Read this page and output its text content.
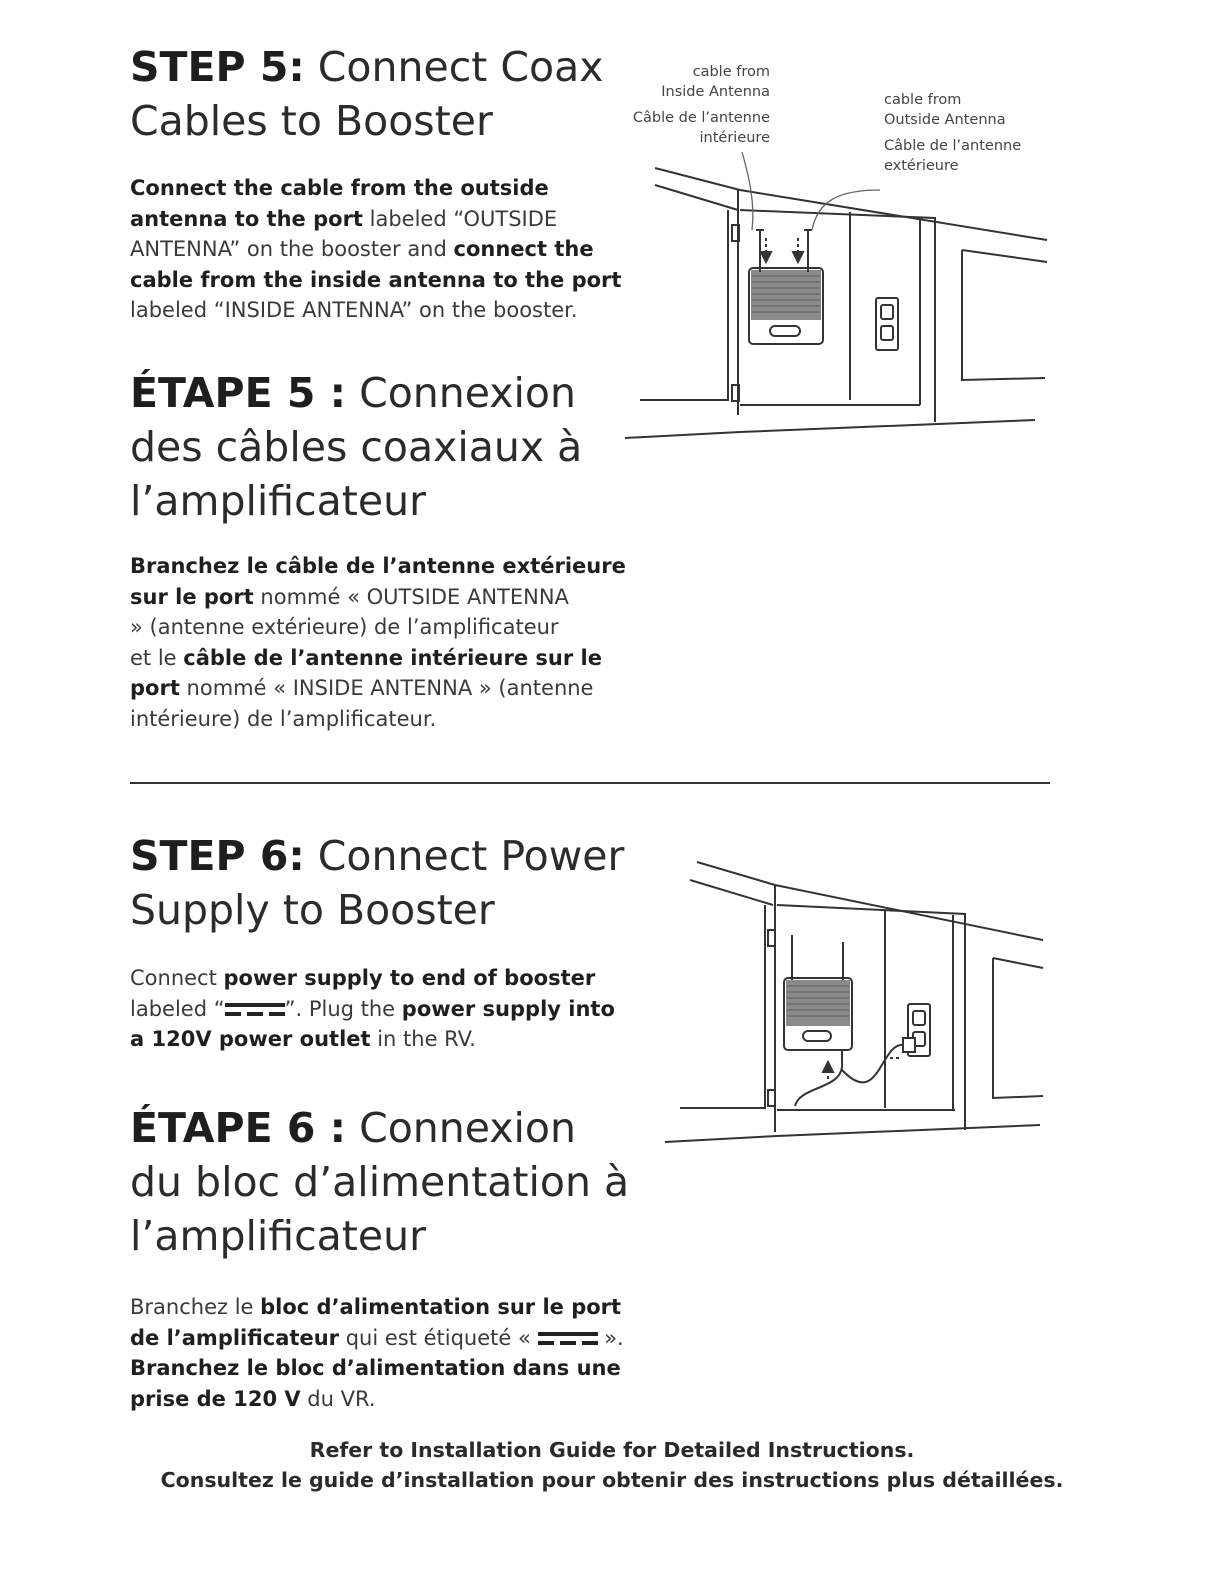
STEP 5: Connect Coax

Cables to Booster

Connect the cable from the outside

antenna to the port labeled “OUTSIDE

ANTENNA” on the booster and connect the

cable from the inside antenna to the port

labeled “INSIDE ANTENNA” on the booster.

ÉTAPE 5 : Connexion

des câbles coaxiaux à

l’amplificateur

Branchez le câble de l’antenne extérieure

sur le port nommé « OUTSIDE ANTENNA

» (antenne extérieure) de l’amplificateur

et le câble de l’antenne intérieure sur le

port nommé « INSIDE ANTENNA » (antenne

intérieure) de l’amplificateur.

cable from

Inside Antenna

Câble de l’antenne

intérieure

cable from

Outside Antenna

Câble de l’antenne

extérieure

STEP 6: Connect Power

Supply to Booster

Connect power supply to end of booster

labeled “	”. Plug the power supply into

a 120V power outlet in the RV.

ÉTAPE 6 : Connexion

du bloc d’alimentation à

l’amplificateur

Branchez le bloc d’alimentation sur le port

de l’amplificateur qui est étiqueté «	».

Branchez le bloc d’alimentation dans une

prise de 120 V du VR.

Refer to Installation Guide for Detailed Instructions.
Consultez le guide d’installation pour obtenir des instructions plus détaillées.
